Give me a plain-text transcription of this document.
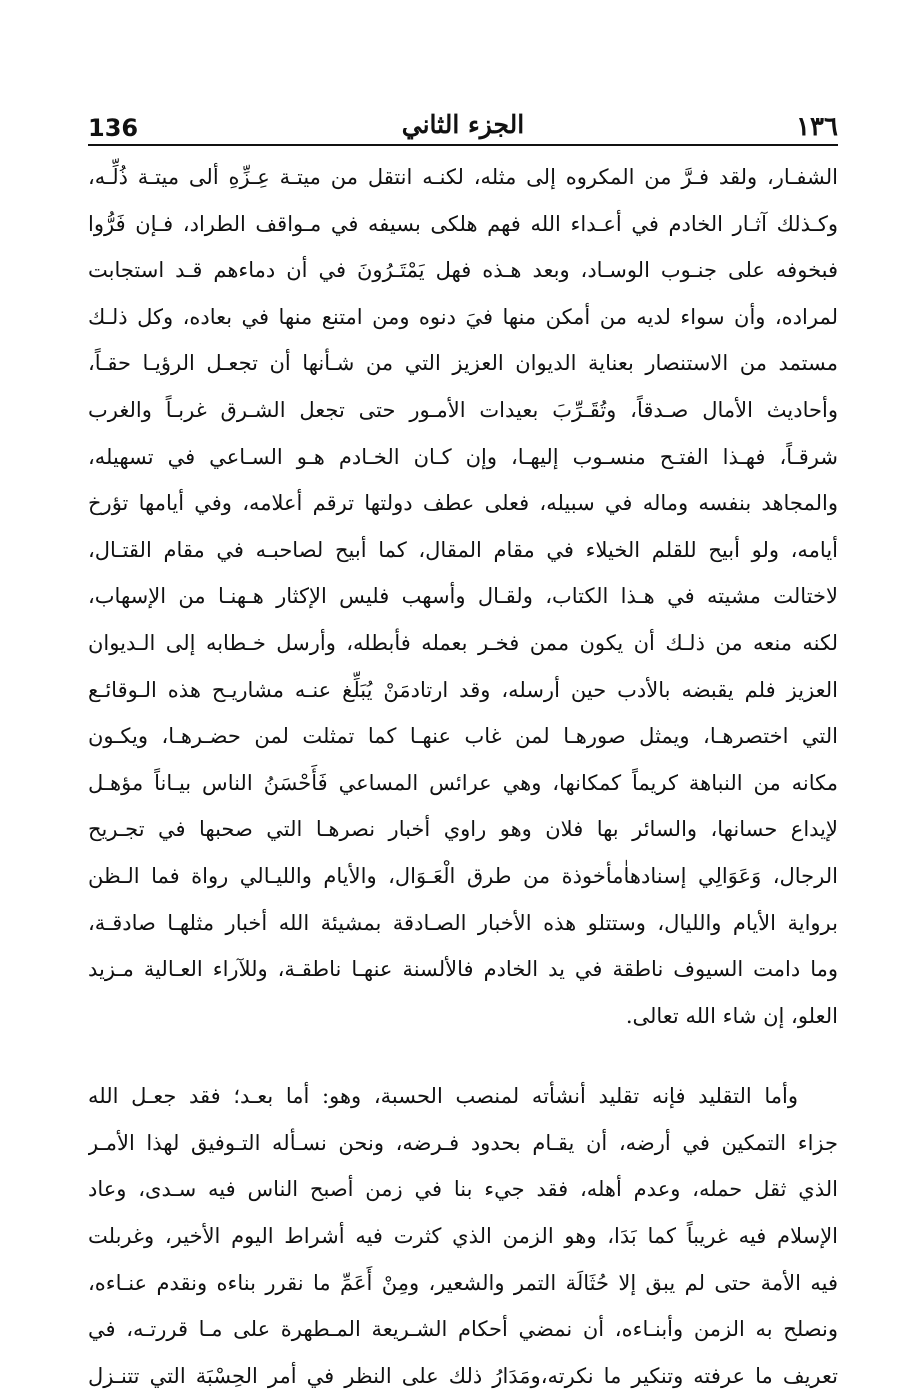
136	الجزء الثاني	١٣٦
الشفـار، ولقد فـرَّ من المكروه إلى مثله، لكنـه انتقل من ميتـة عِـزِّهِ ألى ميتـة ذُلِّـه،
وكـذلك آثـار الخادم في أعـداء الله فهم هلكى بسيفه في مـواقف الطراد، فـإن فَرُّوا
فبخوفه على جنـوب الوسـاد، وبعد هـذه فهل يَمْتَـرُونَ في أن دماءهم قـد استجابت
لمراده، وأن سواء لديه من أمكن منها فيَ دنوه ومن امتنع منها في بعاده، وكل ذلـك
مستمد من الاستنصار بعناية الديوان العزيز التي من شـأنها أن تجعـل الرؤيـا حقـاً،
وأحاديث الأمال صـدقاً، وتُقَـرِّبَ بعيدات الأمـور حتى تجعل الشـرق غربـاً والغرب
شرقـاً، فهـذا الفتـح منسـوب إليهـا، وإن كـان الخـادم هـو السـاعي في تسهيله،
والمجاهد بنفسه وماله في سبيله، فعلى عطف دولتها ترقم أعلامه، وفي أيامها تؤرخ
أيامه، ولو أبيح للقلم الخيلاء في مقام المقال، كما أبيح لصاحبـه في مقام القتـال،
لاختالت مشيته في هـذا الكتاب، ولقـال وأسهب فليس الإكثار هـهنـا من الإسهاب،
لكنه منعه من ذلـك أن يكون ممن فخـر بعمله فأبطله، وأرسل خـطابه إلى الـديوان
العزيز فلم يقبضه بالأدب حين أرسله، وقد ارتادمَنْ يُبَلِّغ عنـه مشاريـح هذه الـوقائـع
التي اختصرهـا، ويمثل صورهـا لمن غاب عنهـا كما تمثلت لمن حضـرهـا، ويكـون
مكانه من النباهة كريماً كمكانها، وهي عرائس المساعي فَأَحْسَنُ الناس بيـاناً مؤهـل
لإيداع حسانها، والسائر بها فلان وهو راوي أخبار نصرهـا التي صحبها في تجـريح
الرجال، وَعَوَالِي إسنادهاٰمأخوذة من طرق الْعَـوَال، والأيام والليـالي رواة فما الـظن
برواية الأيام والليال، وستتلو هذه الأخبار الصـادقة بمشيئة الله أخبار مثلهـا صادقـة،
وما دامت السيوف ناطقة في يد الخادم فالألسنة عنهـا ناطقـة، وللآراء العـالية مـزيد
العلو، إن شاء الله تعالى.
وأما التقليد فإنه تقليد أنشأته لمنصب الحسبة، وهو: أما بعـد؛ فقد جعـل الله
جزاء التمكين في أرضه، أن يقـام بحدود فـرضه، ونحن نسـأله التـوفيق لهذا الأمـر
الذي ثقل حمله، وعدم أهله، فقد جيء بنا في زمن أصبح الناس فيه سـدى، وعاد
الإسلام فيه غريباً كما بَدَا، وهو الزمن الذي كثرت فيه أشراط اليوم الأخير، وغربلت
فيه الأمة حتى لم يبق إلا حُثَالَة التمر والشعير، ومِنْ أَعَمِّ ما نقرر بناءه ونقدم عنـاءه،
ونصلح به الزمن وأبنـاءه، أن نمضي أحكام الشـريعة المـطهرة على مـا قررتـه، في
تعريف ما عرفته وتنكير ما نكرته،ومَدَارُ ذلك على النظر في أمر الحِسْبَة التي تتنـزل
